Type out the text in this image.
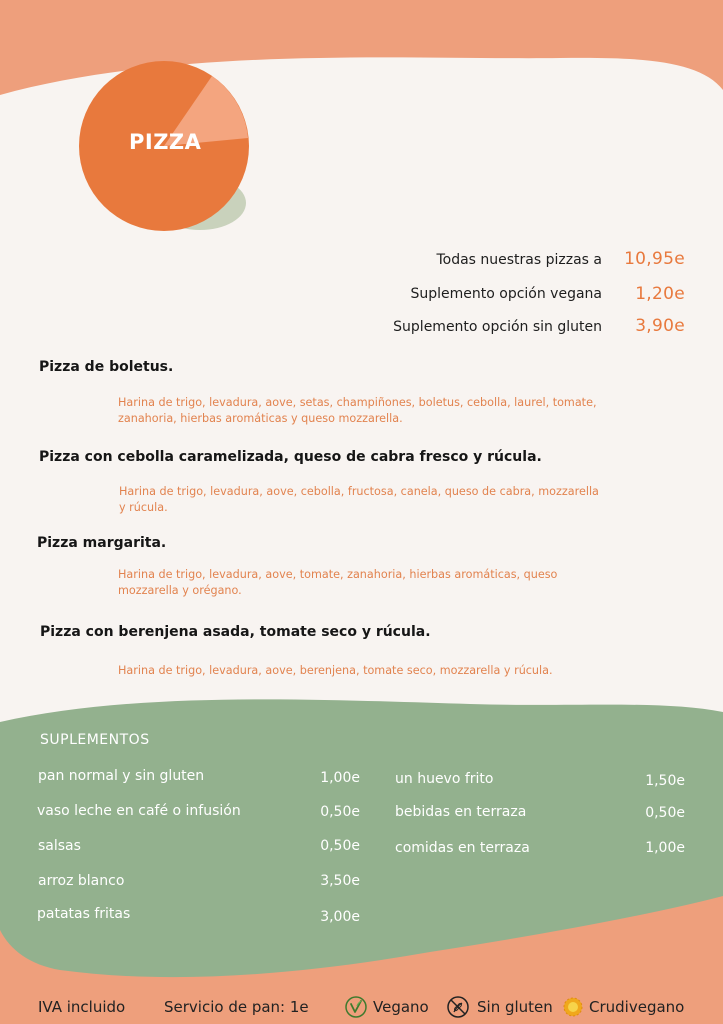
PIZZA
Todas nuestras pizzas a 10,95e
Suplemento opción vegana 1,20e
Suplemento opción sin gluten 3,90e
Pizza de boletus.
Harina de trigo, levadura, aove, setas, champiñones, boletus, cebolla, laurel, tomate, zanahoria, hierbas aromáticas y queso mozzarella.
Pizza con cebolla caramelizada, queso de cabra fresco y rúcula.
Harina de trigo, levadura, aove, cebolla, fructosa, canela, queso de cabra, mozzarella y rúcula.
Pizza margarita.
Harina de trigo, levadura, aove, tomate, zanahoria, hierbas aromáticas, queso mozzarella y orégano.
Pizza con berenjena asada, tomate seco y rúcula.
Harina de trigo, levadura, aove, berenjena, tomate seco, mozzarella y rúcula.
SUPLEMENTOS
pan normal y sin gluten	1,00e
vaso leche en café o infusión	0,50e
salsas	0,50e
arroz blanco	3,50e
patatas fritas	3,00e
un huevo frito	1,50e
bebidas en terraza	0,50e
comidas en terraza	1,00e
IVA incluido	Servicio de pan: 1e	Vegano	Sin gluten Crudivegano
